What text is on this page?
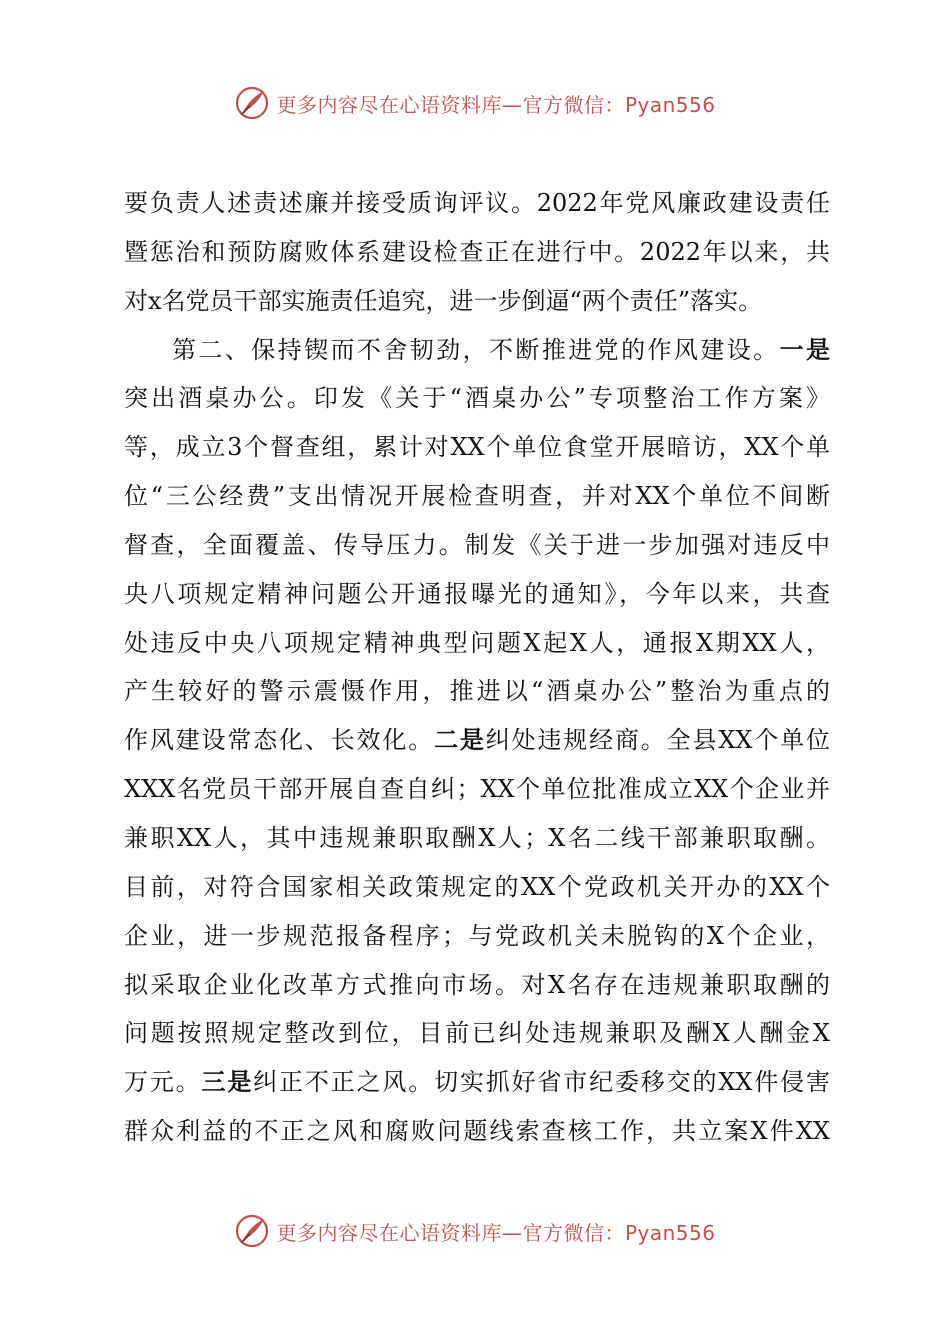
更多内容尽在心语资料库—官方微信：Pyan556
要负责人述责述廉并接受质询评议。2022年党风廉政建设责任
暨惩治和预防腐败体系建设检查正在进行中。2022年以来，共
对x名党员干部实施责任追究，进一步倒逼“两个责任”落实。
第二、保持锲而不舍韧劲，不断推进党的作风建设。一是
突出酒桌办公。印发《关于“酒桌办公”专项整治工作方案》
等，成立3个督查组，累计对XX个单位食堂开展暗访，XX个单
位“三公经费”支出情况开展检查明查，并对XX个单位不间断
督查，全面覆盖、传导压力。制发《关于进一步加强对违反中
央八项规定精神问题公开通报曝光的通知》，今年以来，共查
处违反中央八项规定精神典型问题X起X人，通报X期XX人，
产生较好的警示震慑作用，推进以“酒桌办公”整治为重点的
作风建设常态化、长效化。二是纠处违规经商。全县XX个单位
XXX名党员干部开展自查自纠；XX个单位批准成立XX个企业并
兼职XX人，其中违规兼职取酬X人；X名二线干部兼职取酬。
目前，对符合国家相关政策规定的XX个党政机关开办的XX个
企业，进一步规范报备程序；与党政机关未脱钩的X个企业，
拟采取企业化改革方式推向市场。对X名存在违规兼职取酬的
问题按照规定整改到位，目前已纠处违规兼职及酬X人酬金X
万元。三是纠正不正之风。切实抓好省市纪委移交的XX件侵害
群众利益的不正之风和腐败问题线索查核工作，共立案X件XX
更多内容尽在心语资料库—官方微信：Pyan556
